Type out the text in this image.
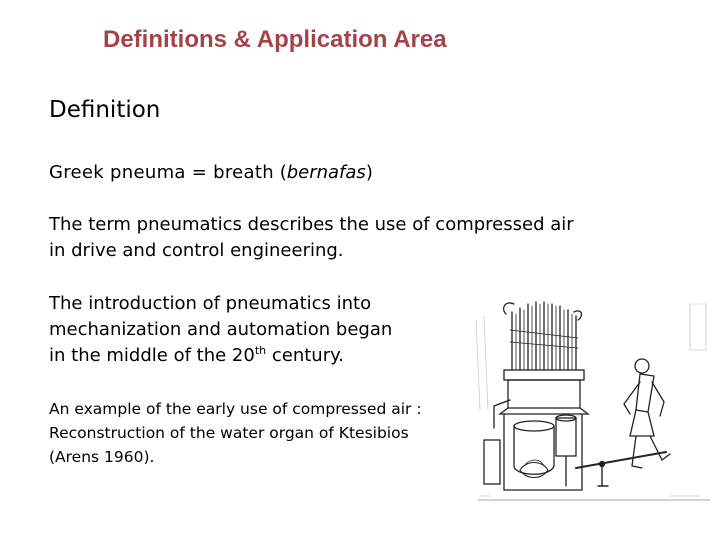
Definitions & Application Area
Definition
Greek pneuma = breath (bernafas)
The term pneumatics describes the use of compressed air
in drive and control engineering.
The introduction of pneumatics into
mechanization and automation began
in the middle of the 20th century.
An example of the early use of compressed air :
Reconstruction of the water organ of Ktesibios
(Arens 1960).
